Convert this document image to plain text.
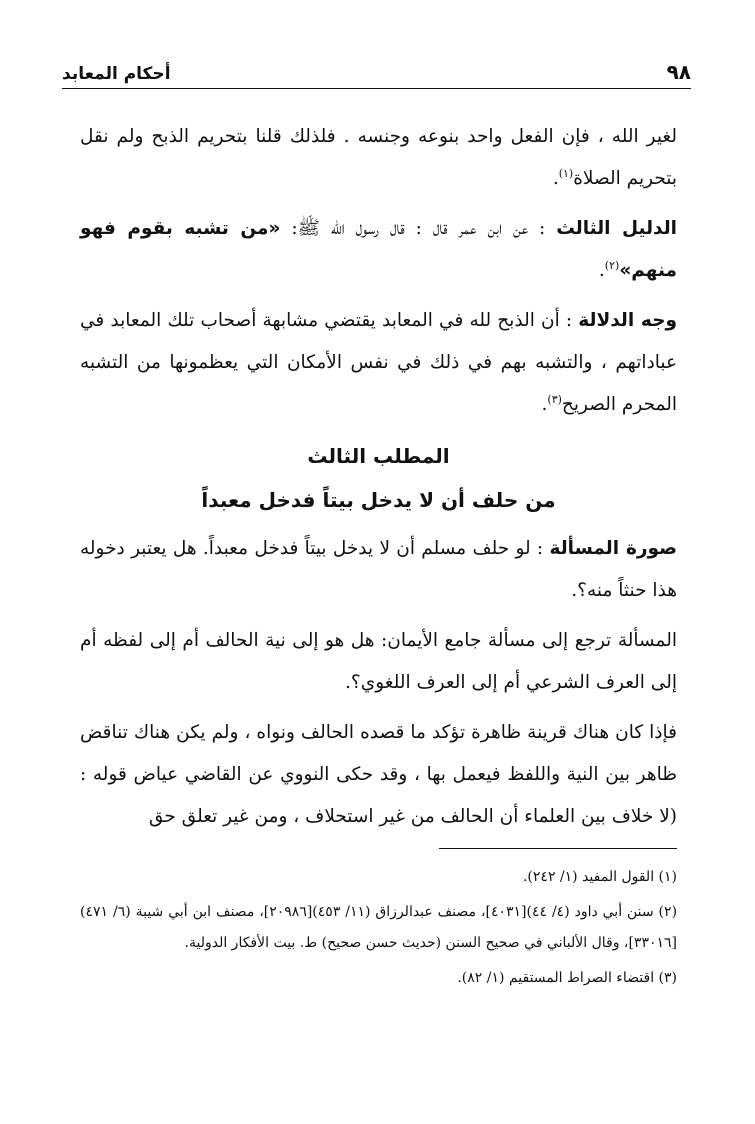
٩٨
أحكام المعابد

لغير الله ، فإن الفعل واحد بنوعه وجنسه . فلذلك قلنا بتحريم الذبح ولم نقل بتحريم الصلاة$^{(١)}$.

الدليل الثالث : عن ابن عمر قال : قال رسول الله ﷺ: «من تشبه بقوم فهو منهم»$^{(٢)}$.

وجه الدلالة : أن الذبح لله في المعابد يقتضي مشابهة أصحاب تلك المعابد في عباداتهم ، والتشبه بهم في ذلك في نفس الأمكان التي يعظمونها من التشبه المحرم الصريح$^{(٣)}$.

المطلب الثالث
من حلف أن لا يدخل بيتاً فدخل معبداً

صورة المسألة : لو حلف مسلم أن لا يدخل بيتاً فدخل معبداً. هل يعتبر دخوله هذا حنثاً منه؟.

المسألة ترجع إلى مسألة جامع الأيمان: هل هو إلى نية الحالف أم إلى لفظه أم إلى العرف الشرعي أم إلى العرف اللغوي؟.

فإذا كان هناك قرينة ظاهرة تؤكد ما قصده الحالف ونواه ، ولم يكن هناك تناقض ظاهر بين النية واللفظ فيعمل بها ، وقد حكى النووي عن القاضي عياض قوله : (لا خلاف بين العلماء أن الحالف من غير استحلاف ، ومن غير تعلق حق

(١) القول المفيد (١/ ٢٤٢).

(٢) سنن أبي داود (٤/ ٤٤)[٤٠٣١]، مصنف عبدالرزاق (١١/ ٤٥٣)[٢٠٩٨٦]، مصنف ابن أبي شيبة (٦/ ٤٧١)[٣٣٠١٦]، وقال الألباني في صحيح السنن (حديث حسن صحيح) ط. بيت الأفكار الدولية.

(٣) اقتضاء الصراط المستقيم (١/ ٨٢).
